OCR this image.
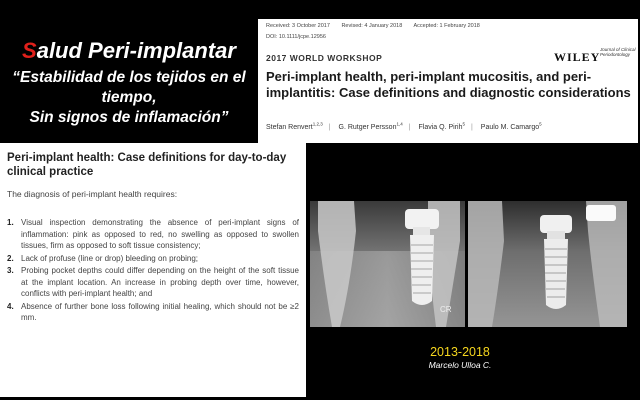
Salud Peri-implantar
“Estabilidad de los tejidos en el
tiempo,
Sin signos de inflamación”
Received: 3 October 2017 Revised: 4 January 2018 Accepted: 1 February 2018
DOI: 10.1111/jcpe.12956
2017 WORLD WORKSHOP	WILEY
Journal of Clinical Periodontology
Peri-implant health, peri-implant mucositis, and peri-implantitis: Case definitions and diagnostic considerations
Stefan Renvert$^{1,2,3}$ | G. Rutger Persson$^{1,4}$ | Flavia Q. Pirih$^5$ | Paulo M. Camargo$^5$
Peri-implant health: Case definitions for day-to-day clinical practice
The diagnosis of peri-implant health requires:
1. Visual inspection demonstrating the absence of peri-implant signs of inflammation: pink as opposed to red, no swelling as opposed to swollen tissues, firm as opposed to soft tissue consistency;
2. Lack of profuse (line or drop) bleeding on probing;
3. Probing pocket depths could differ depending on the height of the soft tissue at the implant location. An increase in probing depth over time, however, conflicts with peri-implant health; and
4. Absence of further bone loss following initial healing, which should not be ≥2 mm.
CR
2013-2018
Marcelo Ulloa C.
